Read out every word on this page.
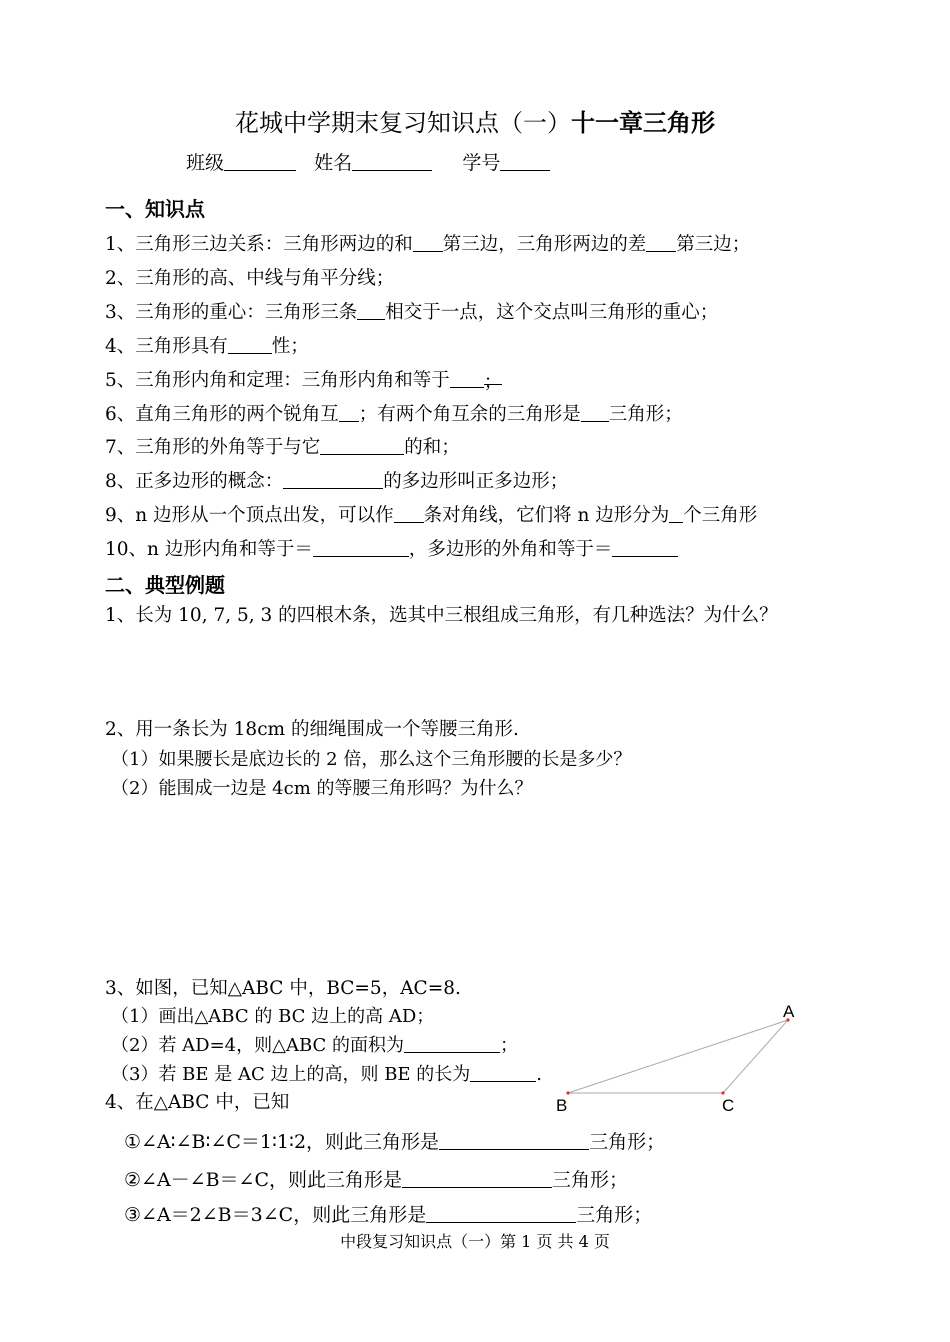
花城中学期末复习知识点（一）十一章三角形
班级	姓名	学号
一、知识点
1、三角形三边关系：三角形两边的和 第三边，三角形两边的差 第三边；
2、三角形的高、中线与角平分线；
3、三角形的重心：三角形三条 相交于一点，这个交点叫三角形的重心；
4、三角形具有 性；
5、三角形内角和定理：三角形内角和等于 ；
6、直角三角形的两个锐角互 ；有两个角互余的三角形是 三角形；
7、三角形的外角等于与它	的和；
8、正多边形的概念：	的多边形叫正多边形；
9、n 边形从一个顶点出发，可以作 条对角线，它们将 n 边形分为 个三角形
10、n 边形内角和等于＝	，多边形的外角和等于＝
二、典型例题
1、长为 10, 7, 5, 3 的四根木条，选其中三根组成三角形，有几种选法？为什么？
2、用一条长为 18cm 的细绳围成一个等腰三角形.
（1）如果腰长是底边长的 2 倍，那么这个三角形腰的长是多少？
（2）能围成一边是 4cm 的等腰三角形吗？为什么？
3、如图，已知△ABC 中，BC=5，AC=8.
（1）画出△ABC 的 BC 边上的高 AD；
（2）若 AD=4，则△ABC 的面积为	；
（3）若 BE 是 AC 边上的高，则 BE 的长为	.
A
B	C
4、在△ABC 中，已知
①∠A∶∠B∶∠C＝1∶1∶2，则此三角形是	三角形；
②∠A－∠B＝∠C，则此三角形是	三角形；
③∠A＝2∠B＝3∠C，则此三角形是	三角形；
中段复习知识点（一）第 1 页 共 4 页
